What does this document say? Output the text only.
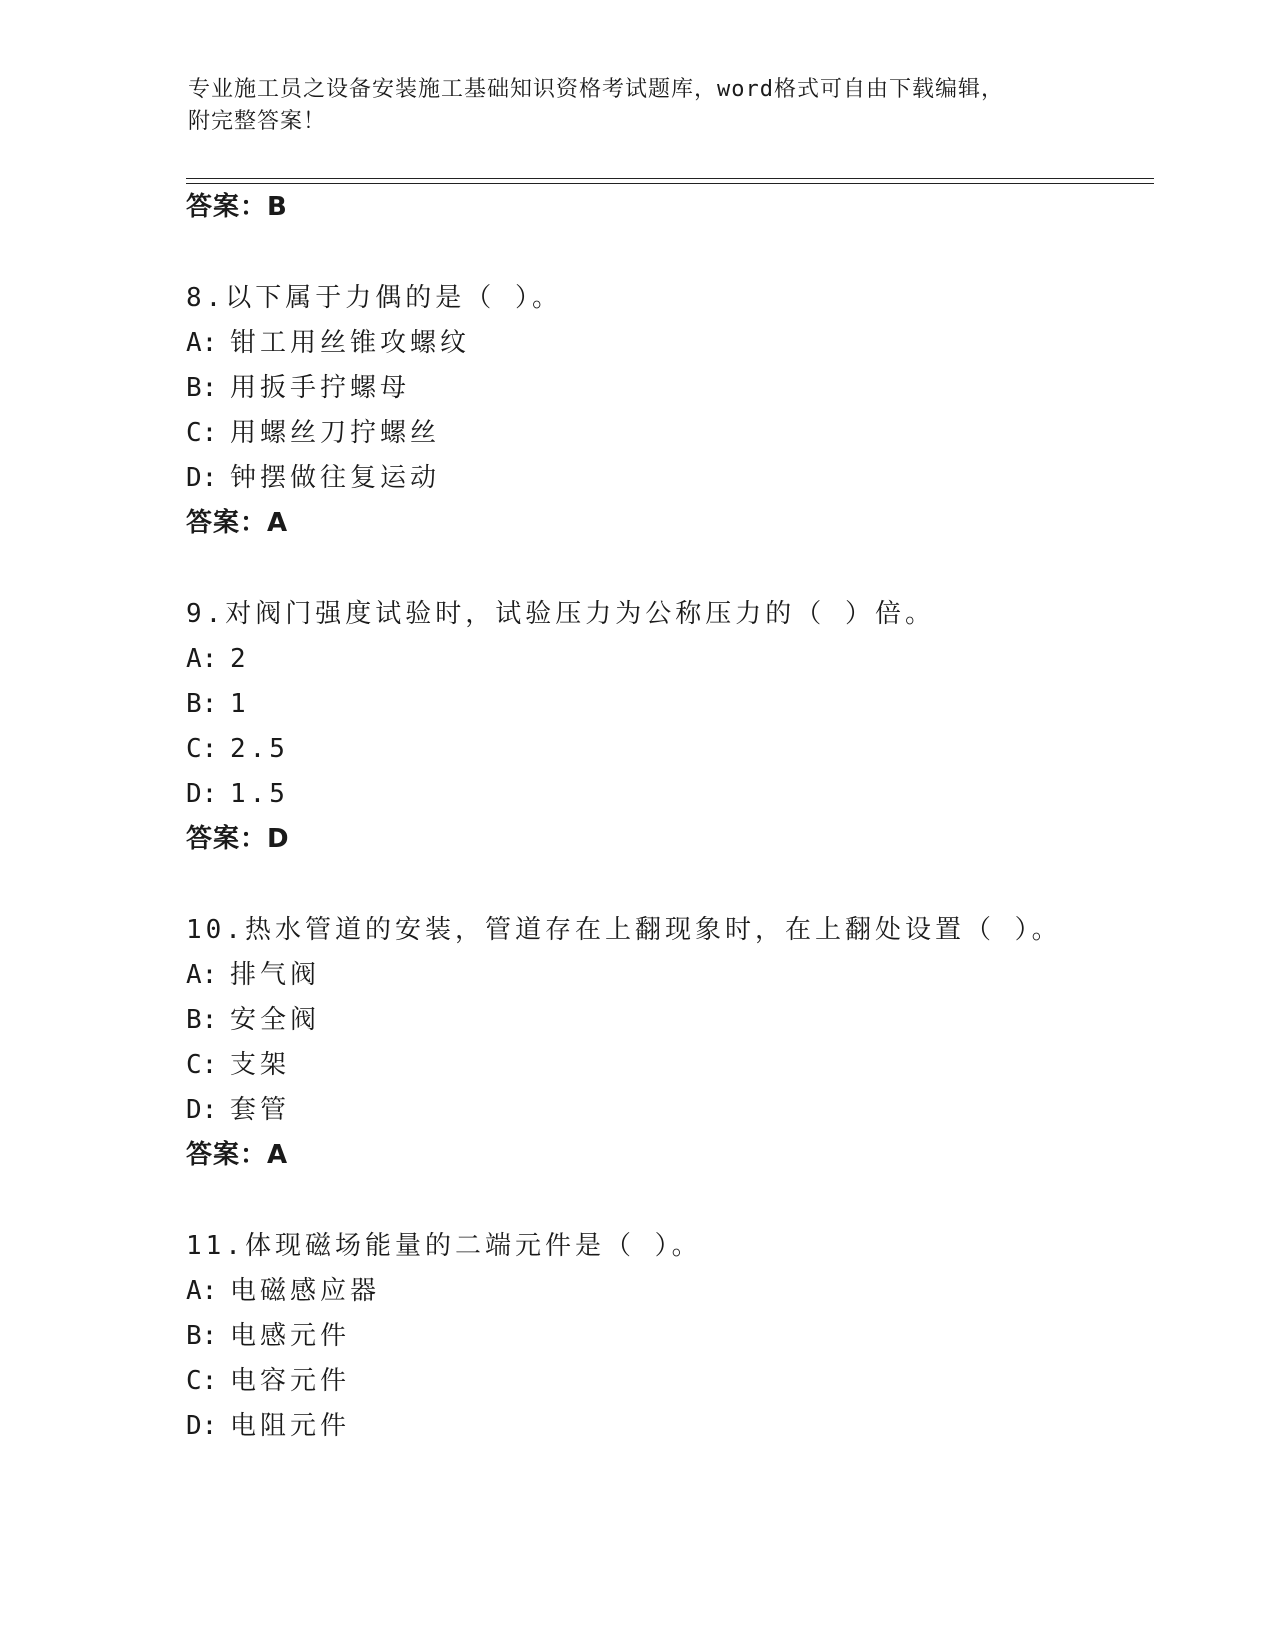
专业施工员之设备安装施工基础知识资格考试题库，word格式可自由下载编辑，
附完整答案！
答案：B
8.以下属于力偶的是（ ）。
A: 钳工用丝锥攻螺纹
B: 用扳手拧螺母
C: 用螺丝刀拧螺丝
D: 钟摆做往复运动
答案：A
9.对阀门强度试验时，试验压力为公称压力的（ ）倍。
A: 2
B: 1
C: 2.5
D: 1.5
答案：D
10.热水管道的安装，管道存在上翻现象时，在上翻处设置（ ）。
A: 排气阀
B: 安全阀
C: 支架
D: 套管
答案：A
11.体现磁场能量的二端元件是（ ）。
A: 电磁感应器
B: 电感元件
C: 电容元件
D: 电阻元件
